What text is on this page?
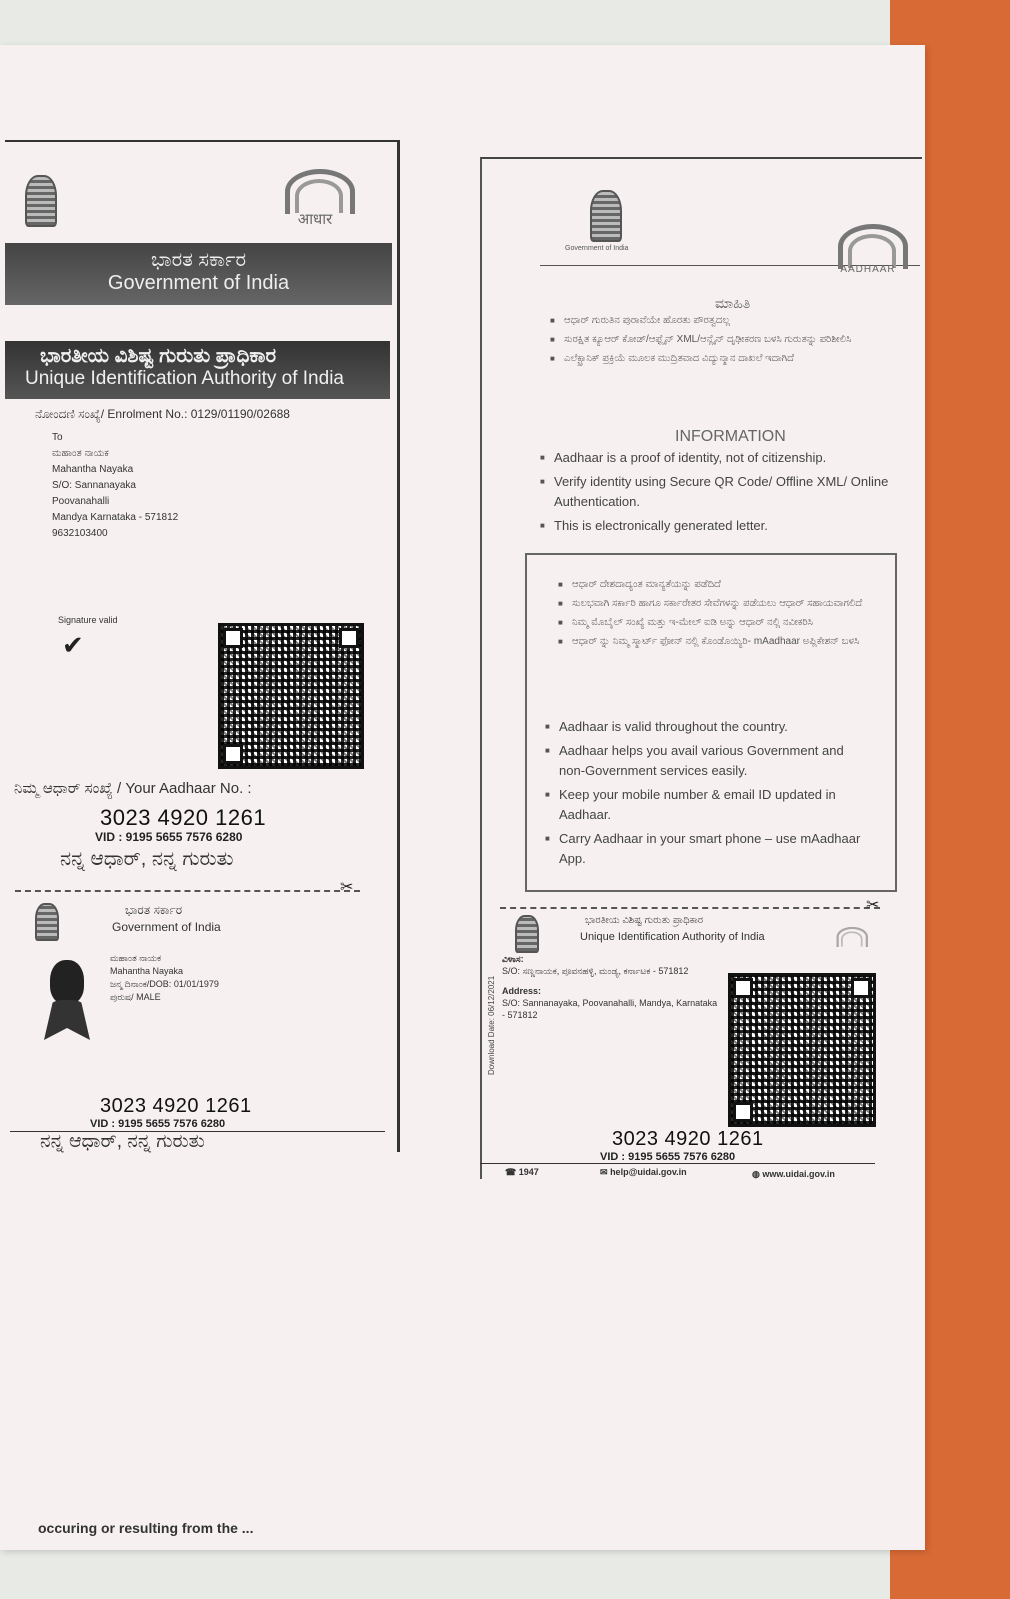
आधार
ಭಾರತ ಸರ್ಕಾರ
Government of India
ಭಾರತೀಯ ವಿಶಿಷ್ಟ ಗುರುತು ಪ್ರಾಧಿಕಾರ
Unique Identification Authority of India
ನೋಂದಣಿ ಸಂಖ್ಯೆ/ Enrolment No.: 0129/01190/02688
To
ಮಹಾಂತ ನಾಯಕ
Mahantha Nayaka
S/O: Sannanayaka
Poovanahalli
Mandya Karnataka - 571812
9632103400
Signature valid
✔
ನಿಮ್ಮ ಆಧಾರ್ ಸಂಖ್ಯೆ / Your Aadhaar No. :
3023 4920 1261
VID : 9195 5655 7576 6280
ನನ್ನ ಆಧಾರ್, ನನ್ನ ಗುರುತು
✂
ಭಾರತ ಸರ್ಕಾರ
Government of India
ಮಹಾಂತ ನಾಯಕ
Mahantha Nayaka
ಜನ್ಮ ದಿನಾಂಕ/DOB: 01/01/1979
ಪುರುಷ/ MALE
3023 4920 1261
VID : 9195 5655 7576 6280
ನನ್ನ ಆಧಾರ್, ನನ್ನ ಗುರುತು
Government of India
AADHAAR
ಮಾಹಿತಿ
■ ಆಧಾರ್ ಗುರುತಿನ ಪುರಾವೆಯೇ ಹೊರತು ಪೌರತ್ವದಲ್ಲ
■ ಸುರಕ್ಷಿತ ಕ್ಯೂಆರ್ ಕೋಡ್/ಆಫ್ಲೈನ್ XML/ಆನ್ಲೈನ್ ದೃಢೀಕರಣ ಬಳಸಿ ಗುರುತನ್ನು ಪರಿಶೀಲಿಸಿ
■ ಎಲೆಕ್ಟ್ರಾನಿಕ್ ಪ್ರಕ್ರಿಯೆ ಮೂಲಕ ಮುದ್ರಿತವಾದ ವಿದ್ಯುನ್ಮಾನ ದಾಖಲೆ ಇದಾಗಿದೆ
INFORMATION
■ Aadhaar is a proof of identity, not of citizenship.
■ Verify identity using Secure QR Code/ Offline XML/ Online Authentication.
■ This is electronically generated letter.
■ ಆಧಾರ್ ದೇಶದಾದ್ಯಂತ ಮಾನ್ಯತೆಯನ್ನು ಪಡೆದಿದೆ
■ ಸುಲಭವಾಗಿ ಸರ್ಕಾರಿ ಹಾಗೂ ಸರ್ಕಾರೇತರ ಸೇವೆಗಳನ್ನು ಪಡೆಯಲು ಆಧಾರ್ ಸಹಾಯವಾಗಲಿದೆ
■ ನಿಮ್ಮ ಮೊಬೈಲ್ ಸಂಖ್ಯೆ ಮತ್ತು ಇ-ಮೇಲ್ ಐಡಿ ಅನ್ನು ಆಧಾರ್ ನಲ್ಲಿ ನವೀಕರಿಸಿ
■ ಆಧಾರ್ ನ್ನು ನಿಮ್ಮ ಸ್ಮಾರ್ಟ್ ಫೋನ್ ನಲ್ಲಿ ಕೊಂಡೊಯ್ಯಿರಿ- mAadhaar ಅಪ್ಲಿಕೇಶನ್ ಬಳಸಿ
■ Aadhaar is valid throughout the country.
■ Aadhaar helps you avail various Government and non-Government services easily.
■ Keep your mobile number & email ID updated in Aadhaar.
■ Carry Aadhaar in your smart phone – use mAadhaar App.
✂
ಭಾರತೀಯ ವಿಶಿಷ್ಟ ಗುರುತು ಪ್ರಾಧಿಕಾರ
Unique Identification Authority of India
Download Date: 06/12/2021
ವಿಳಾಸ:
S/O: ಸಣ್ಣನಾಯಕ, ಪೂವನಹಳ್ಳಿ, ಮಂಡ್ಯ, ಕರ್ನಾಟಕ - 571812
Address:
S/O: Sannanayaka, Poovanahalli, Mandya, Karnataka - 571812
3023 4920 1261
VID : 9195 5655 7576 6280
☎ 1947	✉ help@uidai.gov.in	◍ www.uidai.gov.in
occuring or resulting from the ...
